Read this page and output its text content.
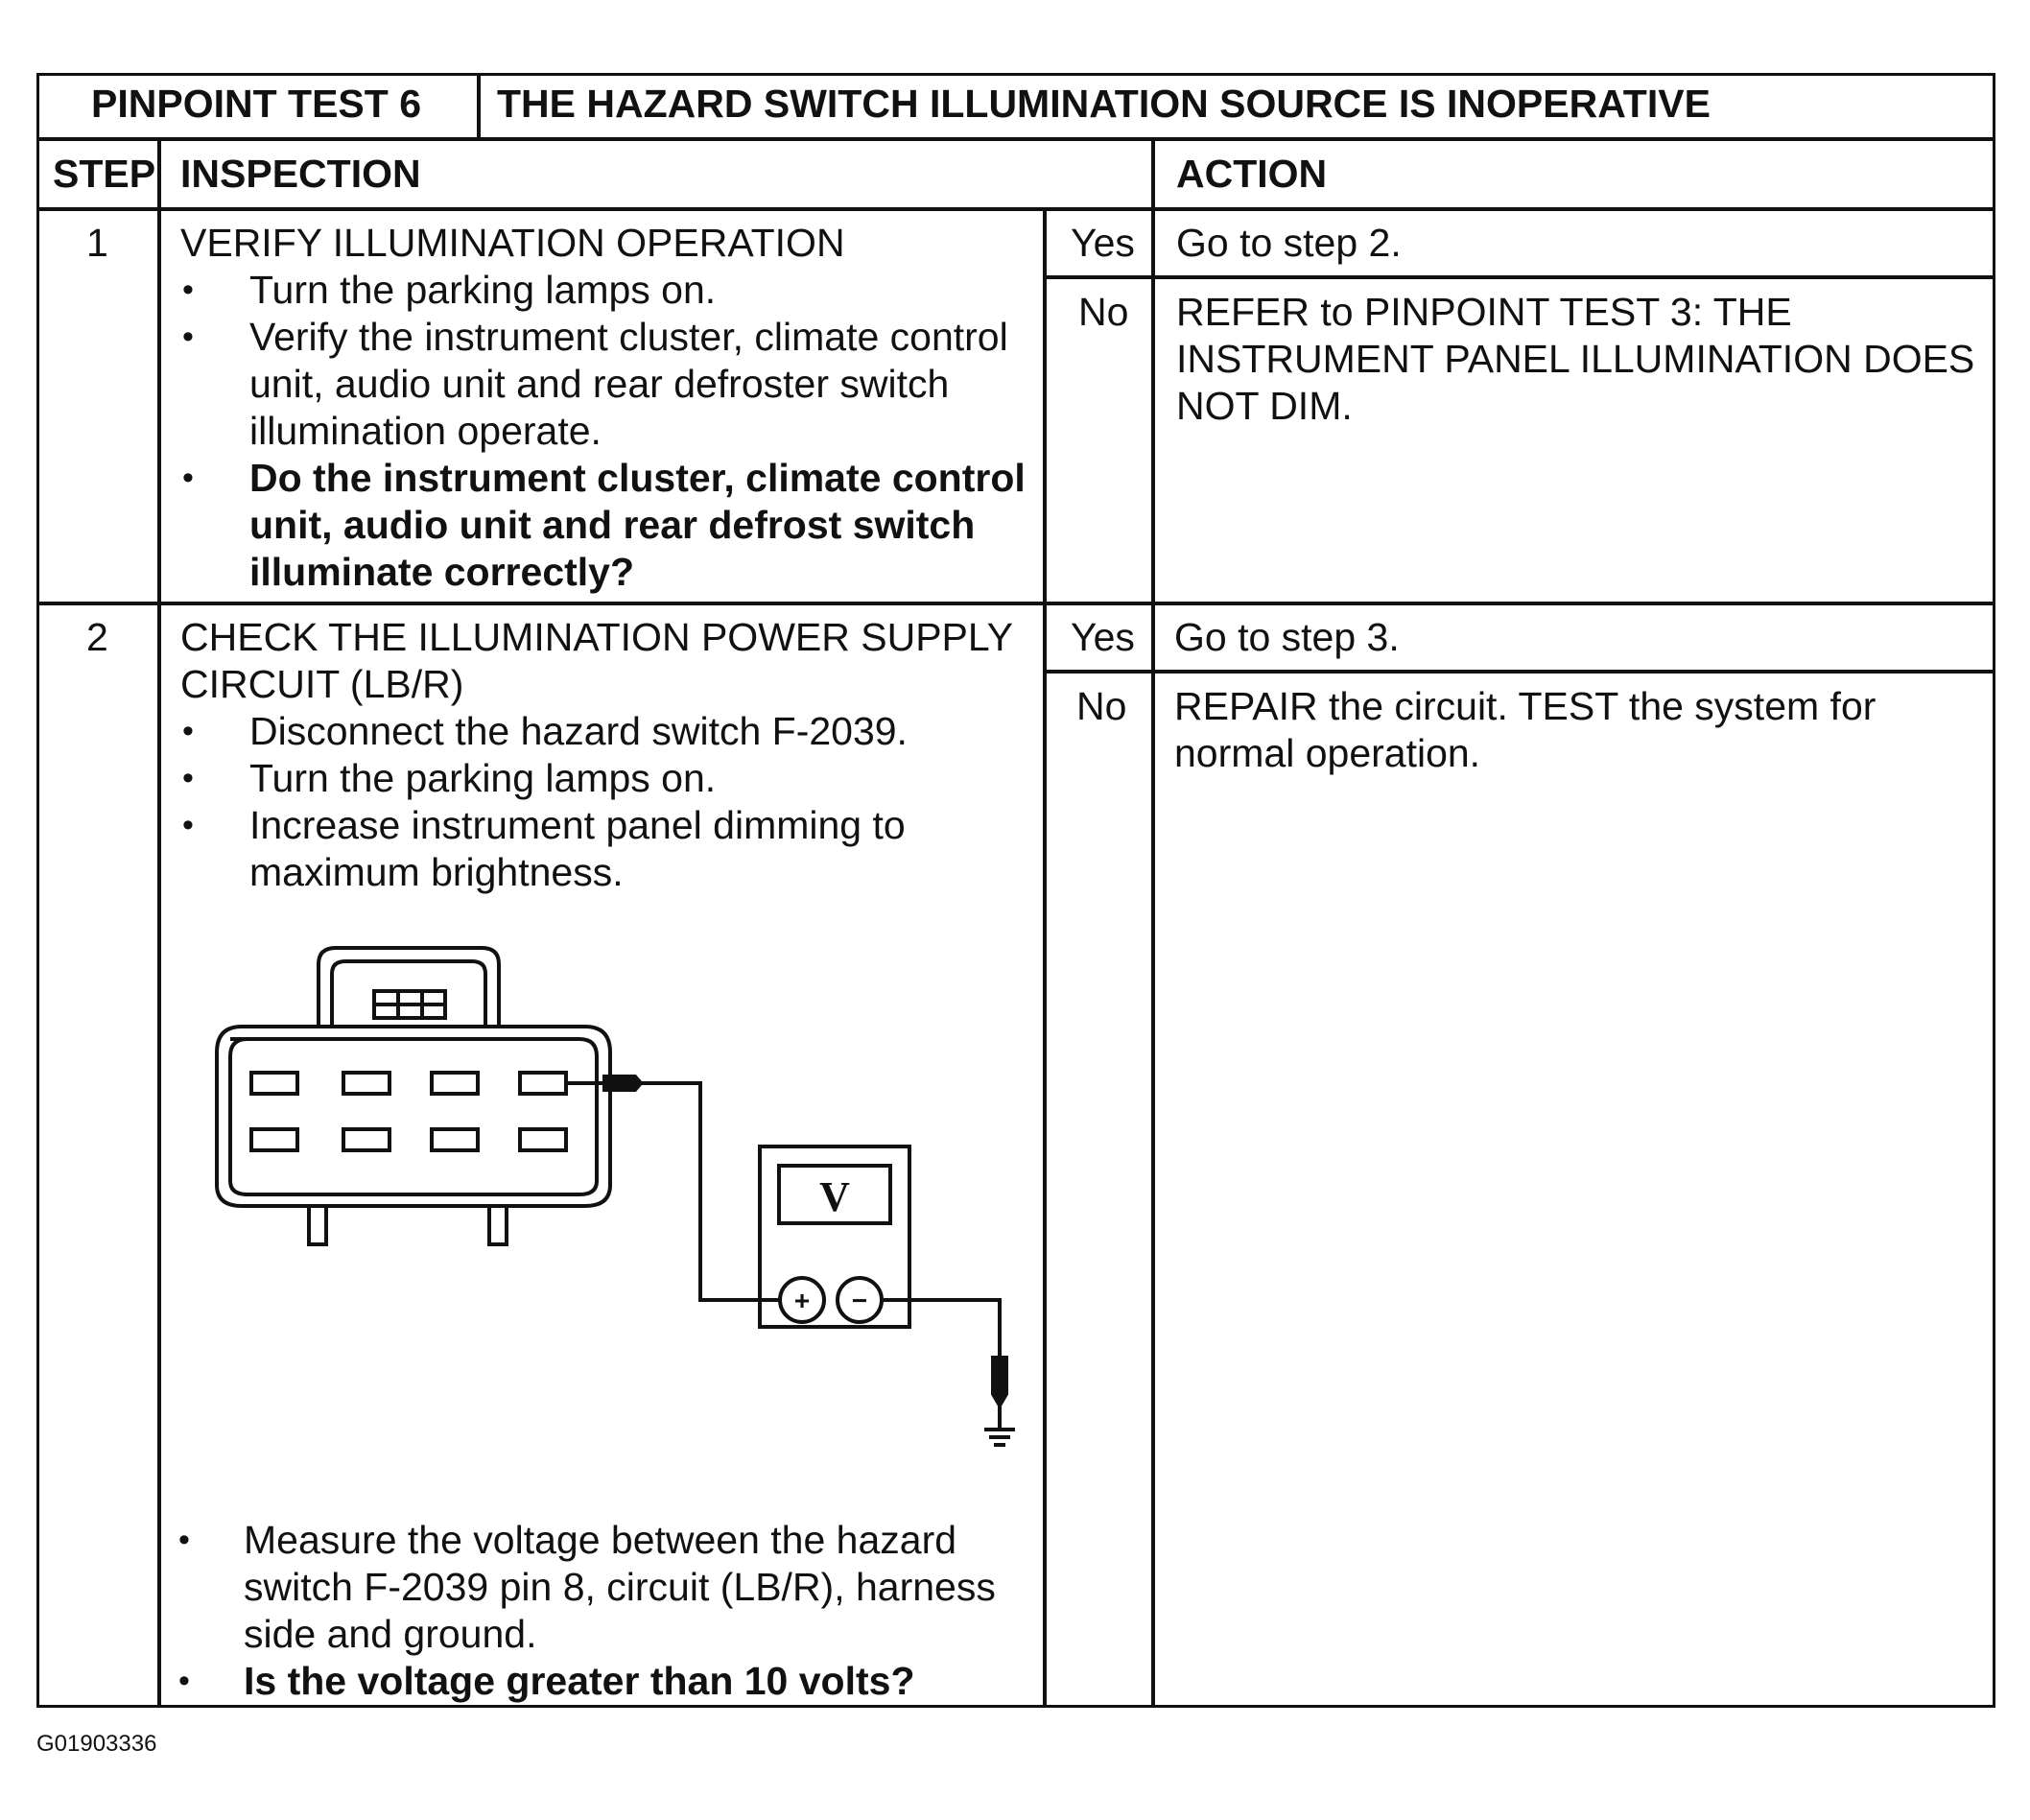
PINPOINT TEST 6 THE HAZARD SWITCH ILLUMINATION SOURCE IS INOPERATIVE
STEP INSPECTION	ACTION
1 VERIFY ILLUMINATION OPERATION
• Turn the parking lamps on.
• Verify the instrument cluster, climate control
unit, audio unit and rear defroster switch
illumination operate.
• Do the instrument cluster, climate control
unit, audio unit and rear defrost switch
illuminate correctly?
Yes Go to step 2.
No REFER to PINPOINT TEST 3: THE
INSTRUMENT PANEL ILLUMINATION DOES
NOT DIM.
2 CHECK THE ILLUMINATION POWER SUPPLY
CIRCUIT (LB/R)
• Disconnect the hazard switch F-2039.
• Turn the parking lamps on.
• Increase instrument panel dimming to
maximum brightness.
V
+ −
• Measure the voltage between the hazard
switch F-2039 pin 8, circuit (LB/R), harness
side and ground.
• Is the voltage greater than 10 volts?
Yes Go to step 3.
No REPAIR the circuit. TEST the system for
normal operation.
G01903336
